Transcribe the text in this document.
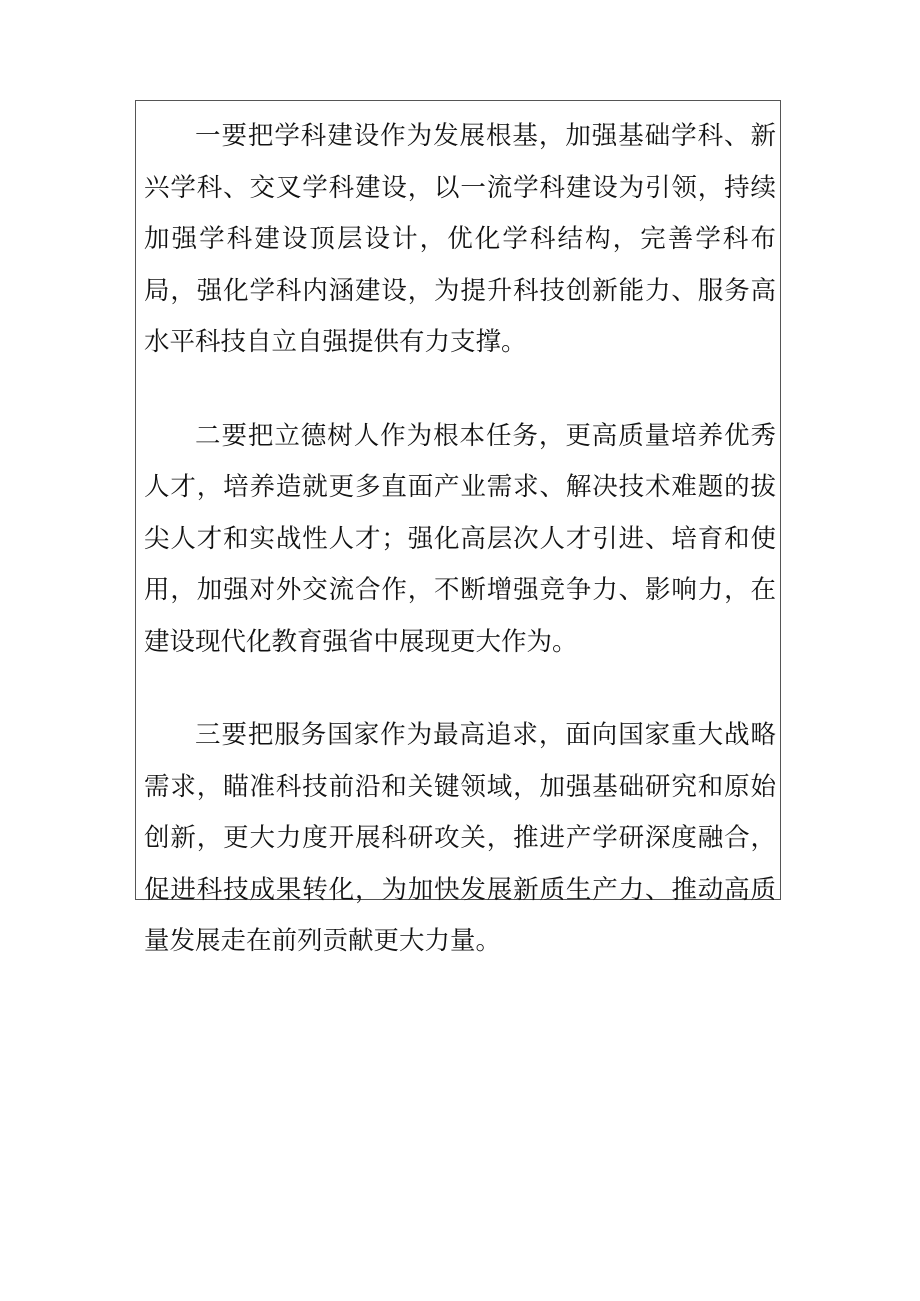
一要把学科建设作为发展根基，加强基础学科、新兴学科、交叉学科建设，以一流学科建设为引领，持续加强学科建设顶层设计，优化学科结构，完善学科布局，强化学科内涵建设，为提升科技创新能力、服务高水平科技自立自强提供有力支撑。

二要把立德树人作为根本任务，更高质量培养优秀人才，培养造就更多直面产业需求、解决技术难题的拔尖人才和实战性人才；强化高层次人才引进、培育和使用，加强对外交流合作，不断增强竞争力、影响力，在建设现代化教育强省中展现更大作为。

三要把服务国家作为最高追求，面向国家重大战略需求，瞄准科技前沿和关键领域，加强基础研究和原始创新，更大力度开展科研攻关，推进产学研深度融合，促进科技成果转化，为加快发展新质生产力、推动高质量发展走在前列贡献更大力量。
